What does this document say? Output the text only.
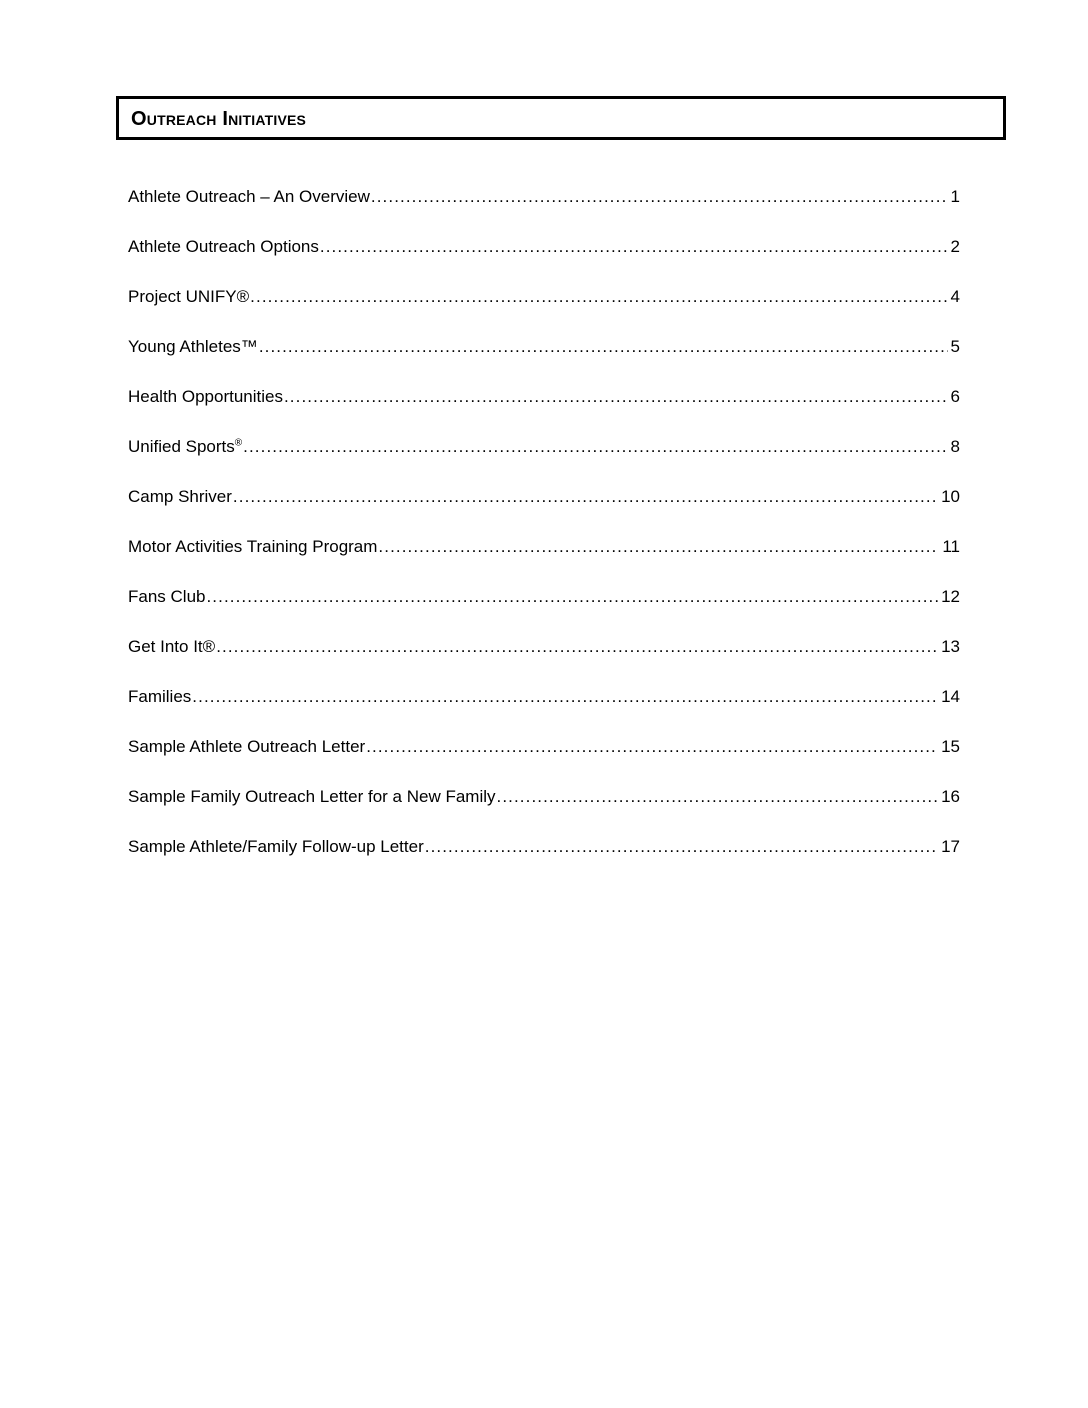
Outreach Initiatives
Athlete Outreach – An Overview .....	1
Athlete Outreach Options .....	2
Project UNIFY® .....	4
Young Athletes™ .....	5
Health Opportunities .....	6
Unified Sports® .....	8
Camp Shriver .....	10
Motor Activities Training Program .....	11
Fans Club .....	12
Get Into It® .....	13
Families .....	14
Sample Athlete Outreach Letter .....	15
Sample Family Outreach Letter for a New Family .....	16
Sample Athlete/Family Follow-up Letter .....	17
